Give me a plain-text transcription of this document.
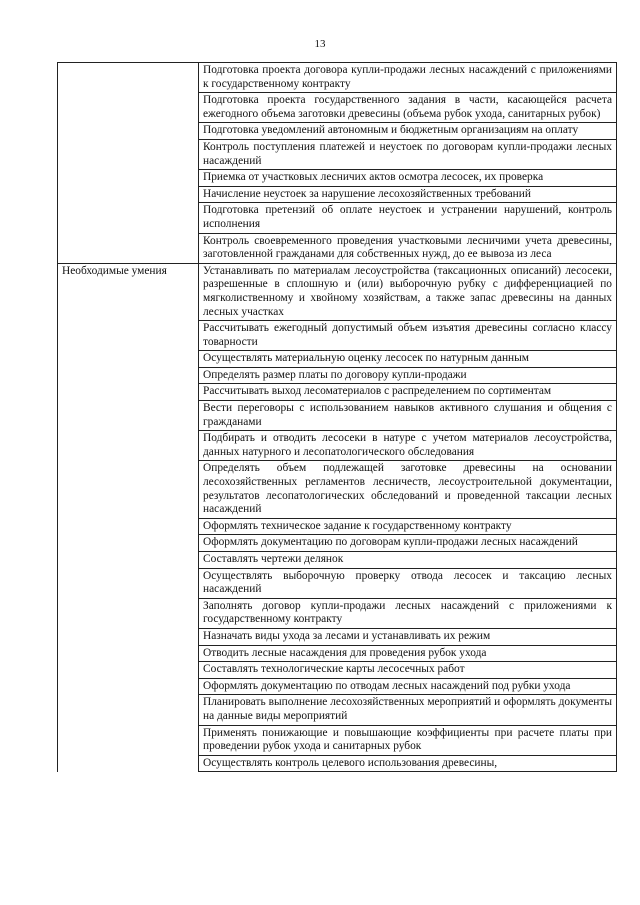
13
	Подготовка проекта договора купли-продажи лесных насаждений с приложениями к государственному контракту
	Подготовка проекта государственного задания в части, касающейся расчета ежегодного объема заготовки древесины (объема рубок ухода, санитарных рубок)
	Подготовка уведомлений автономным и бюджетным организациям на оплату
	Контроль поступления платежей и неустоек по договорам купли-продажи лесных насаждений
	Приемка от участковых лесничих актов осмотра лесосек, их проверка
	Начисление неустоек за нарушение лесохозяйственных требований
	Подготовка претензий об оплате неустоек и устранении нарушений, контроль исполнения
	Контроль своевременного проведения участковыми лесничими учета древесины, заготовленной гражданами для собственных нужд, до ее вывоза из леса
Необходимые умения	Устанавливать по материалам лесоустройства (таксационных описаний) лесосеки, разрешенные в сплошную и (или) выборочную рубку с дифференциацией по мягколиственному и хвойному хозяйствам, а также запас древесины на данных лесных участках
	Рассчитывать ежегодный допустимый объем изъятия древесины согласно классу товарности
	Осуществлять материальную оценку лесосек по натурным данным
	Определять размер платы по договору купли-продажи
	Рассчитывать выход лесоматериалов с распределением по сортиментам
	Вести переговоры с использованием навыков активного слушания и общения с гражданами
	Подбирать и отводить лесосеки в натуре с учетом материалов лесоустройства, данных натурного и лесопатологического обследования
	Определять объем подлежащей заготовке древесины на основании лесохозяйственных регламентов лесничеств, лесоустроительной документации, результатов лесопатологических обследований и проведенной таксации лесных насаждений
	Оформлять техническое задание к государственному контракту
	Оформлять документацию по договорам купли-продажи лесных насаждений
	Составлять чертежи делянок
	Осуществлять выборочную проверку отвода лесосек и таксацию лесных насаждений
	Заполнять договор купли-продажи лесных насаждений с приложениями к государственному контракту
	Назначать виды ухода за лесами и устанавливать их режим
	Отводить лесные насаждения для проведения рубок ухода
	Составлять технологические карты лесосечных работ
	Оформлять документацию по отводам лесных насаждений под рубки ухода
	Планировать выполнение лесохозяйственных мероприятий и оформлять документы на данные виды мероприятий
	Применять понижающие и повышающие коэффициенты при расчете платы при проведении рубок ухода и санитарных рубок
	Осуществлять контроль целевого использования древесины,
